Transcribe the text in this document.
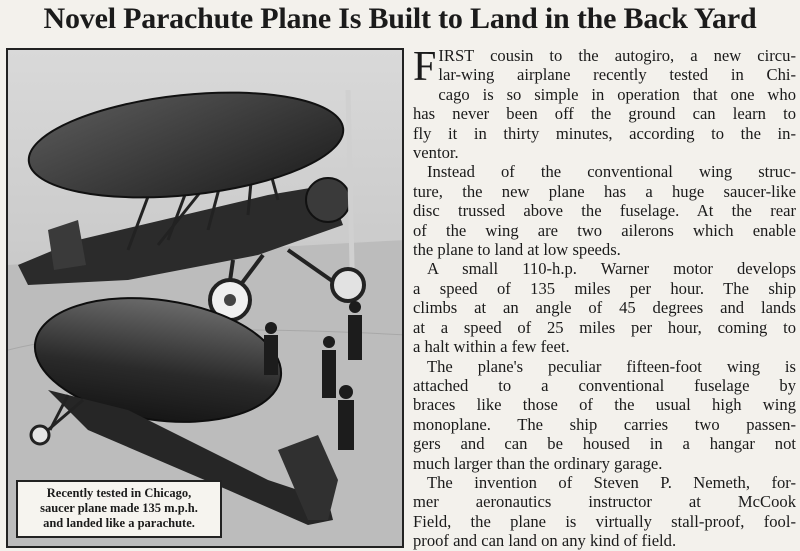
Novel Parachute Plane Is Built to Land in the Back Yard
Recently tested in Chicago,
saucer plane made 135 m.p.h.
and landed like a parachute.
F IRST cousin to the autogiro, a new circu-
lar-wing airplane recently tested in Chi-
cago is so simple in operation that one who
has never been off the ground can learn to
fly it in thirty minutes, according to the in-
ventor.
Instead of the conventional wing struc-
ture, the new plane has a huge saucer-like
disc trussed above the fuselage. At the rear
of the wing are two ailerons which enable
the plane to land at low speeds.
A small 110-h.p. Warner motor develops
a speed of 135 miles per hour. The ship
climbs at an angle of 45 degrees and lands
at a speed of 25 miles per hour, coming to
a halt within a few feet.
The plane's peculiar fifteen-foot wing is
attached to a conventional fuselage by
braces like those of the usual high wing
monoplane. The ship carries two passen-
gers and can be housed in a hangar not
much larger than the ordinary garage.
The invention of Steven P. Nemeth, for-
mer aeronautics instructor at McCook
Field, the plane is virtually stall-proof, fool-
proof and can land on any kind of field.
